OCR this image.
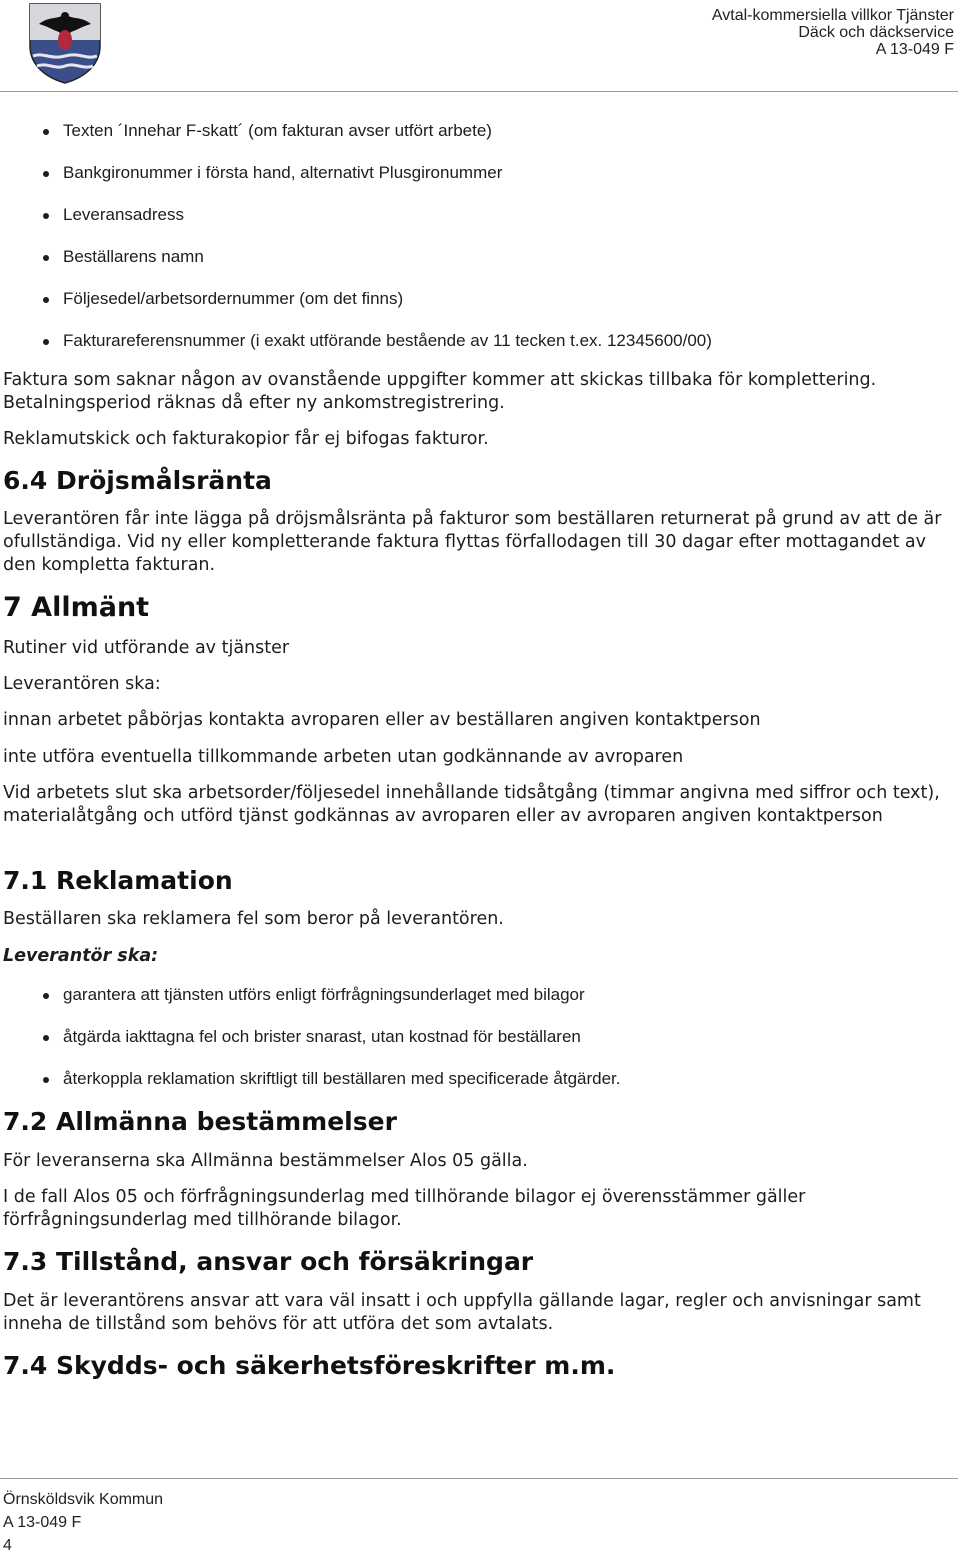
Avtal-kommersiella villkor Tjänster
Däck och däckservice
A 13-049 F
Texten ´Innehar F-skatt´ (om fakturan avser utfört arbete)
Bankgironummer i första hand, alternativt Plusgironummer
Leveransadress
Beställarens namn
Följesedel/arbetsordernummer (om det finns)
Fakturareferensnummer (i exakt utförande bestående av 11 tecken t.ex. 12345600/00)

Faktura som saknar någon av ovanstående uppgifter kommer att skickas tillbaka för komplettering. Betalningsperiod räknas då efter ny ankomstregistrering.

Reklamutskick och fakturakopior får ej bifogas fakturor.

6.4 Dröjsmålsränta

Leverantören får inte lägga på dröjsmålsränta på fakturor som beställaren returnerat på grund av att de är ofullständiga. Vid ny eller kompletterande faktura flyttas förfallodagen till 30 dagar efter mottagandet av den kompletta fakturan.

7 Allmänt

Rutiner vid utförande av tjänster

Leverantören ska:

innan arbetet påbörjas kontakta avroparen eller av beställaren angiven kontaktperson

inte utföra eventuella tillkommande arbeten utan godkännande av avroparen

Vid arbetets slut ska arbetsorder/följesedel innehållande tidsåtgång (timmar angivna med siffror och text), materialåtgång och utförd tjänst godkännas av avroparen eller av avroparen angiven kontaktperson

7.1 Reklamation

Beställaren ska reklamera fel som beror på leverantören.

Leverantör ska:

garantera att tjänsten utförs enligt förfrågningsunderlaget med bilagor
åtgärda iakttagna fel och brister snarast, utan kostnad för beställaren
återkoppla reklamation skriftligt till beställaren med specificerade åtgärder.
7.2 Allmänna bestämmelser

För leveranserna ska Allmänna bestämmelser Alos 05 gälla.

I de fall Alos 05 och förfrågningsunderlag med tillhörande bilagor ej överensstämmer gäller förfrågningsunderlag med tillhörande bilagor.

7.3 Tillstånd, ansvar och försäkringar

Det är leverantörens ansvar att vara väl insatt i och uppfylla gällande lagar, regler och anvisningar samt inneha de tillstånd som behövs för att utföra det som avtalats.

7.4 Skydds- och säkerhetsföreskrifter m.m.
Örnsköldsvik Kommun
A 13-049 F
4
